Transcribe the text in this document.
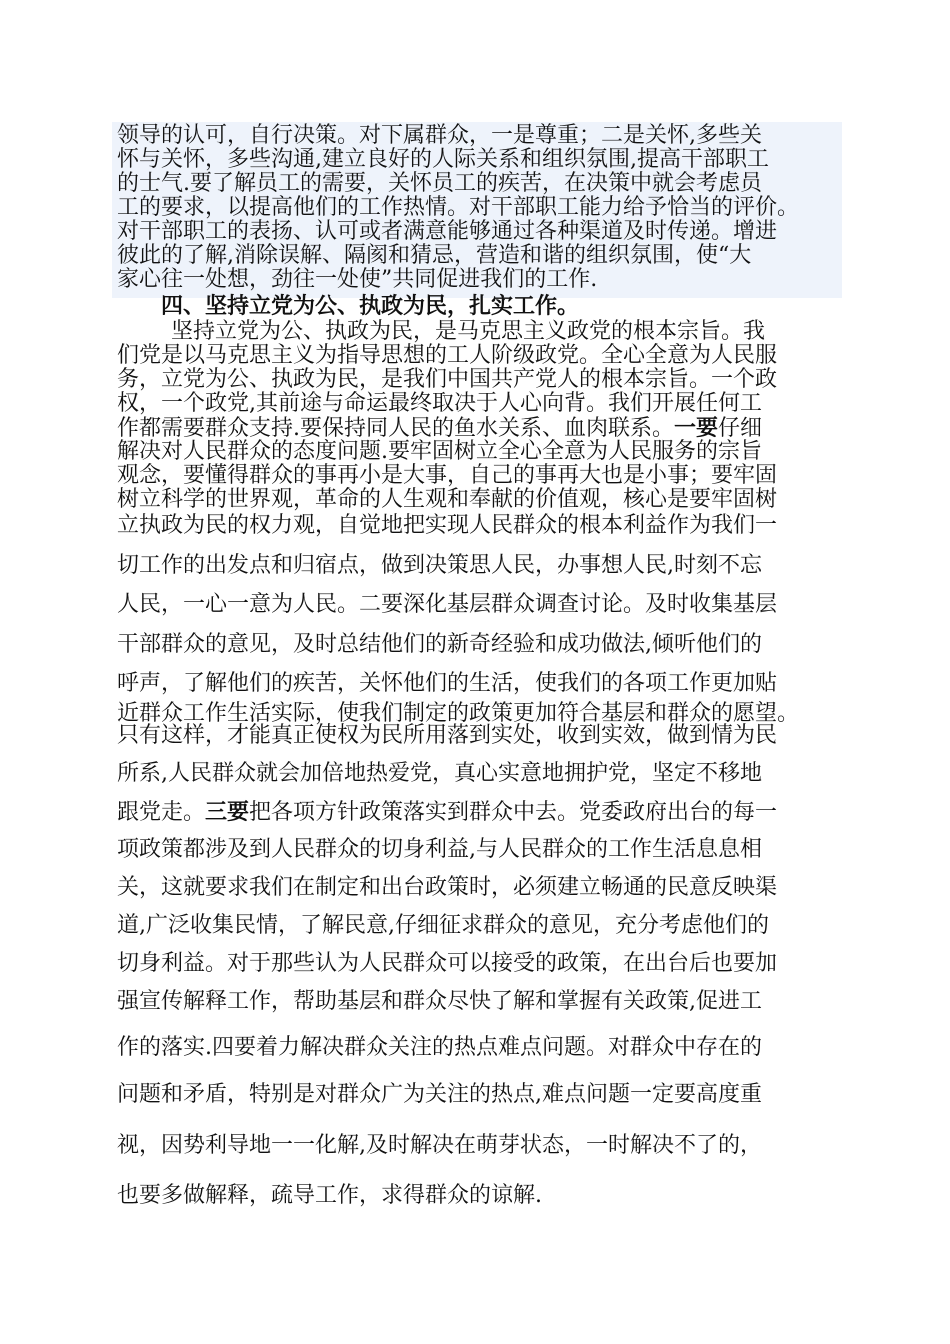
领导的认可，自行决策。对下属群众，一是尊重；二是关怀,多些关
怀与关怀，多些沟通,建立良好的人际关系和组织氛围,提高干部职工
的士气.要了解员工的需要，关怀员工的疾苦，在决策中就会考虑员
工的要求，以提高他们的工作热情。对干部职工能力给予恰当的评价。
对干部职工的表扬、认可或者满意能够通过各种渠道及时传递。增进
彼此的了解,消除误解、隔阂和猜忌，营造和谐的组织氛围，使“大
家心往一处想，劲往一处使”共同促进我们的工作.
四、坚持立党为公、执政为民，扎实工作。
坚持立党为公、执政为民，是马克思主义政党的根本宗旨。我
们党是以马克思主义为指导思想的工人阶级政党。全心全意为人民服
务，立党为公、执政为民，是我们中国共产党人的根本宗旨。一个政
权，一个政党,其前途与命运最终取决于人心向背。我们开展任何工
作都需要群众支持.要保持同人民的鱼水关系、血肉联系。一要仔细
解决对人民群众的态度问题.要牢固树立全心全意为人民服务的宗旨
观念，要懂得群众的事再小是大事，自己的事再大也是小事；要牢固
树立科学的世界观，革命的人生观和奉献的价值观，核心是要牢固树
立执政为民的权力观，自觉地把实现人民群众的根本利益作为我们一
切工作的出发点和归宿点，做到决策思人民，办事想人民,时刻不忘
人民，一心一意为人民。二要深化基层群众调查讨论。及时收集基层
干部群众的意见，及时总结他们的新奇经验和成功做法,倾听他们的
呼声，了解他们的疾苦，关怀他们的生活，使我们的各项工作更加贴
近群众工作生活实际，使我们制定的政策更加符合基层和群众的愿望。
只有这样，才能真正使权为民所用落到实处，收到实效，做到情为民
所系,人民群众就会加倍地热爱党，真心实意地拥护党，坚定不移地
跟党走。三要把各项方针政策落实到群众中去。党委政府出台的每一
项政策都涉及到人民群众的切身利益,与人民群众的工作生活息息相
关，这就要求我们在制定和出台政策时，必须建立畅通的民意反映渠
道,广泛收集民情，了解民意,仔细征求群众的意见，充分考虑他们的
切身利益。对于那些认为人民群众可以接受的政策，在出台后也要加
强宣传解释工作，帮助基层和群众尽快了解和掌握有关政策,促进工
作的落实.四要着力解决群众关注的热点难点问题。对群众中存在的
问题和矛盾，特别是对群众广为关注的热点,难点问题一定要高度重
视，因势利导地一一化解,及时解决在萌芽状态，一时解决不了的，
也要多做解释，疏导工作，求得群众的谅解.
